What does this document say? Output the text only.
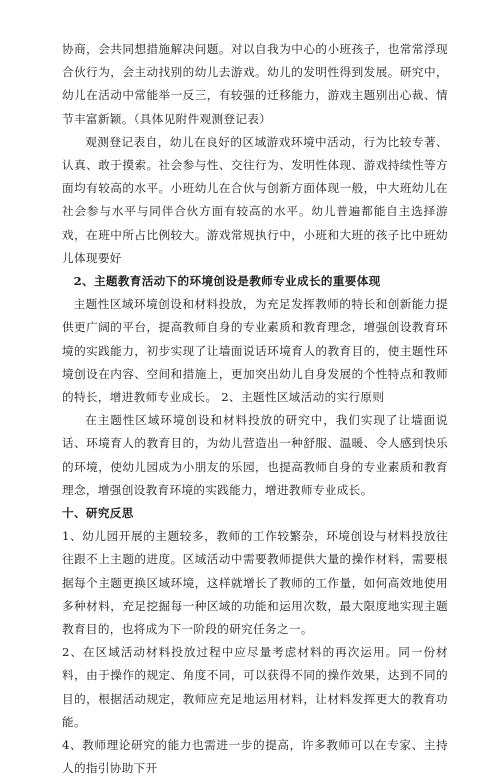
协商，会共同想措施解决问题。对以自我为中心的小班孩子，也常常浮现合伙行为，会主动找别的幼儿去游戏。幼儿的发明性得到发展。研究中，幼儿在活动中常能举一反三，有较强的迁移能力，游戏主题别出心裁、情节丰富新颖。（具体见附件观测登记表）

观测登记表自，幼儿在良好的区域游戏环境中活动，行为比较专著、认真、敢于摸索。社会参与性、交往行为、发明性体现、游戏持续性等方面均有较高的水平。小班幼儿在合伙与创新方面体现一般，中大班幼儿在社会参与水平与同伴合伙方面有较高的水平。幼儿普遍都能自主选择游戏，在班中所占比例较大。游戏常规执行中，小班和大班的孩子比中班幼儿体现要好

2、主题教育活动下的环境创设是教师专业成长的重要体现

主题性区域环境创设和材料投放，为充足发挥教师的特长和创新能力提供更广阔的平台，提高教师自身的专业素质和教育理念，增强创设教育环境的实践能力，初步实现了让墙面说话环境育人的教育目的，使主题性环境创设在内容、空间和措施上，更加突出幼儿自身发展的个性特点和教师的特长，增进教师专业成长。 2、主题性区域活动的实行原则

在主题性区域环境创设和材料投放的研究中，我们实现了让墙面说话、环境育人的教育目的，为幼儿营造出一种舒服、温暖、令人感到快乐的环境，使幼儿园成为小朋友的乐园，也提高教师自身的专业素质和教育理念，增强创设教育环境的实践能力，增进教师专业成长。

十、研究反思

1、幼儿园开展的主题较多，教师的工作较繁杂，环境创设与材料投放往往跟不上主题的进度。区域活动中需要教师提供大量的操作材料，需要根据每个主题更换区域环境，这样就增长了教师的工作量，如何高效地使用多种材料，充足挖掘每一种区域的功能和运用次数，最大限度地实现主题教育目的，也将成为下一阶段的研究任务之一。

2、在区域活动材料投放过程中应尽量考虑材料的再次运用。同一份材料，由于操作的规定、角度不同，可以获得不同的操作效果，达到不同的目的，根据活动规定，教师应充足地运用材料，让材料发挥更大的教育功能。

4、教师理论研究的能力也需进一步的提高，许多教师可以在专家、主持人的指引协助下开
